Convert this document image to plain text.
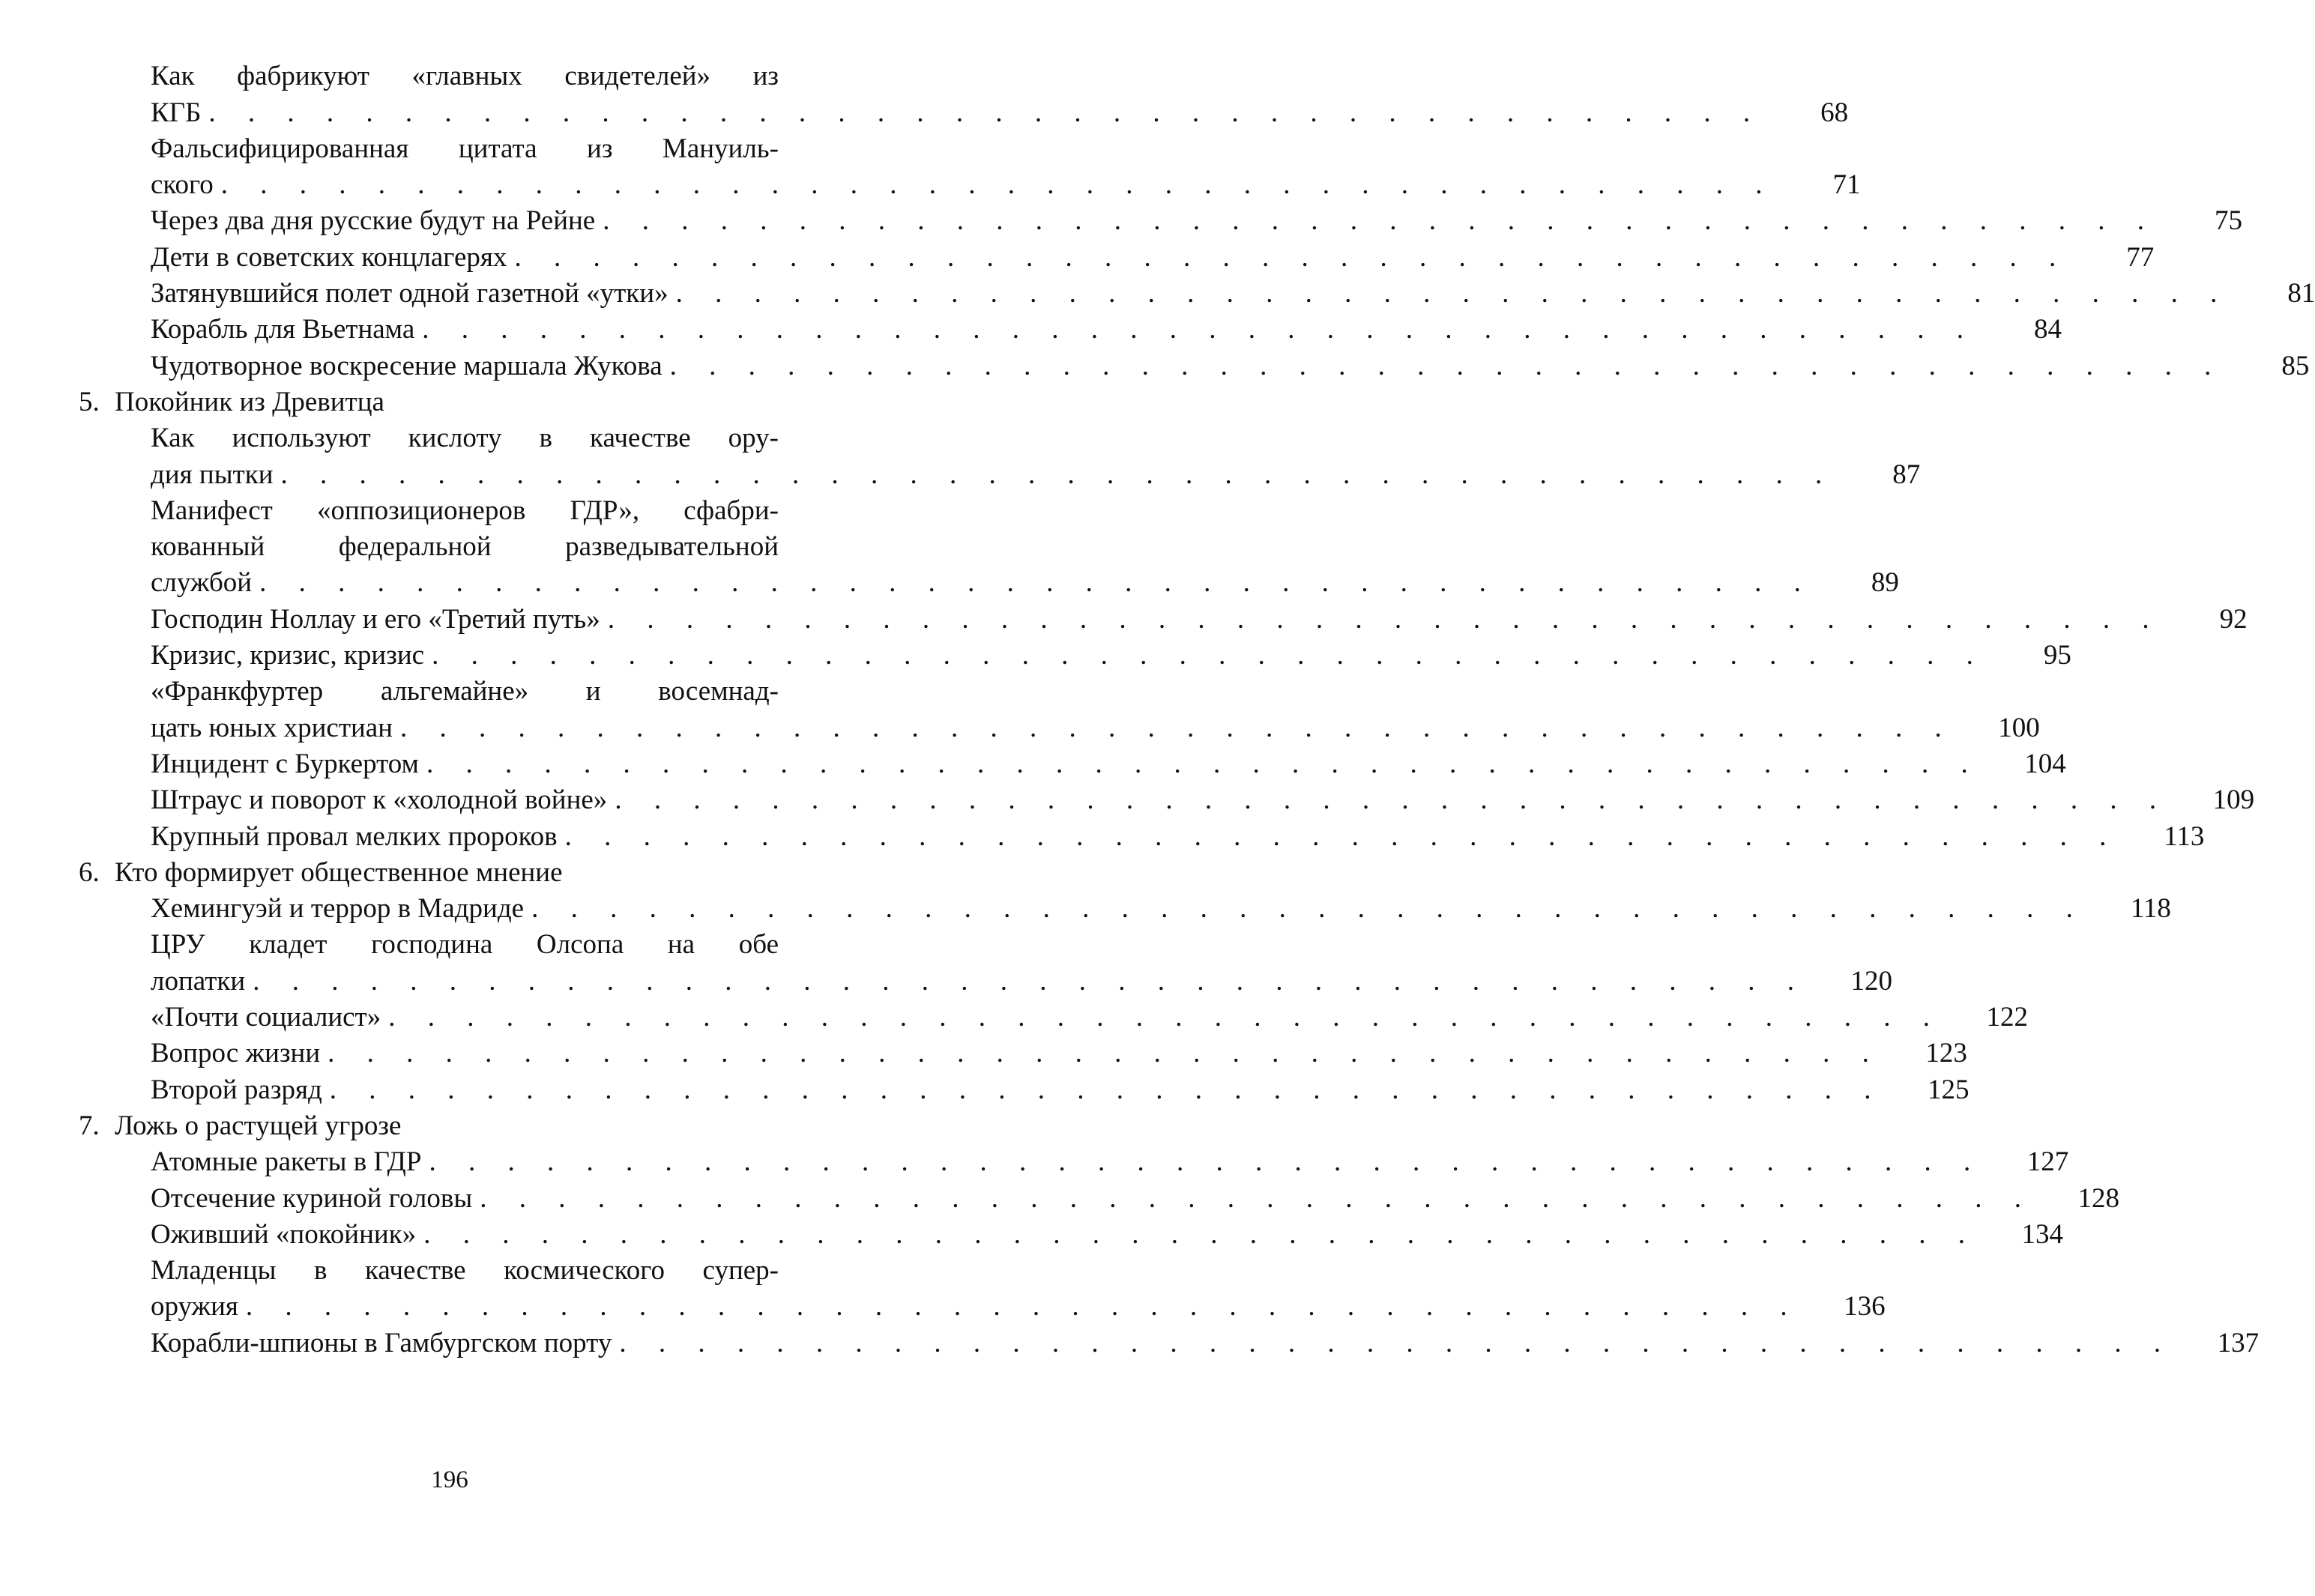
Как фабрикуют «главных свидетелей» из
КГБ . . . . . . . . . . . . . . . . . . . . . . . . . . . . . . . . . . . . . . . .	68
Фальсифицированная цитата из Мануиль-
ского . . . . . . . . . . . . . . . . . . . . . . . . . . . . . . . . . . . . . . . .	71
Через два дня русские будут на Рейне . . . . . . . . . . . . . . . . . . . . . . . . . . . . . . . . . . . . . . . .	75
Дети в советских концлагерях . . . . . . . . . . . . . . . . . . . . . . . . . . . . . . . . . . . . . . . .	77
Затянувшийся полет одной газетной «утки» . . . . . . . . . . . . . . . . . . . . . . . . . . . . . . . . . . . . . . . .	81
Корабль для Вьетнама . . . . . . . . . . . . . . . . . . . . . . . . . . . . . . . . . . . . . . . .	84
Чудотворное воскресение маршала Жукова . . . . . . . . . . . . . . . . . . . . . . . . . . . . . . . . . . . . . . . .	85
5. Покойник из Древитца
Как используют кислоту в качестве ору-
дия пытки . . . . . . . . . . . . . . . . . . . . . . . . . . . . . . . . . . . . . . . .	87
Манифест «оппозиционеров ГДР», сфабри-
кованный федеральной разведывательной
службой . . . . . . . . . . . . . . . . . . . . . . . . . . . . . . . . . . . . . . . .	89
Господин Ноллау и его «Третий путь» . . . . . . . . . . . . . . . . . . . . . . . . . . . . . . . . . . . . . . . .	92
Кризис, кризис, кризис . . . . . . . . . . . . . . . . . . . . . . . . . . . . . . . . . . . . . . . .	95
«Франкфуртер альгемайне» и восемнад-
цать юных христиан . . . . . . . . . . . . . . . . . . . . . . . . . . . . . . . . . . . . . . . .	100
Инцидент с Буркертом . . . . . . . . . . . . . . . . . . . . . . . . . . . . . . . . . . . . . . . .	104
Штраус и поворот к «холодной войне» . . . . . . . . . . . . . . . . . . . . . . . . . . . . . . . . . . . . . . . .	109
Крупный провал мелких пророков . . . . . . . . . . . . . . . . . . . . . . . . . . . . . . . . . . . . . . . .	113
6. Кто формирует общественное мнение
Хемингуэй и террор в Мадриде . . . . . . . . . . . . . . . . . . . . . . . . . . . . . . . . . . . . . . . .	118
ЦРУ кладет господина Олсопа на обе
лопатки . . . . . . . . . . . . . . . . . . . . . . . . . . . . . . . . . . . . . . . .	120
«Почти социалист» . . . . . . . . . . . . . . . . . . . . . . . . . . . . . . . . . . . . . . . .	122
Вопрос жизни . . . . . . . . . . . . . . . . . . . . . . . . . . . . . . . . . . . . . . . .	123
Второй разряд . . . . . . . . . . . . . . . . . . . . . . . . . . . . . . . . . . . . . . . .	125
7. Ложь о растущей угрозе
Атомные ракеты в ГДР . . . . . . . . . . . . . . . . . . . . . . . . . . . . . . . . . . . . . . . .	127
Отсечение куриной головы . . . . . . . . . . . . . . . . . . . . . . . . . . . . . . . . . . . . . . . .	128
Оживший «покойник» . . . . . . . . . . . . . . . . . . . . . . . . . . . . . . . . . . . . . . . .	134
Младенцы в качестве космического супер-
оружия . . . . . . . . . . . . . . . . . . . . . . . . . . . . . . . . . . . . . . . .	136
Корабли-шпионы в Гамбургском порту . . . . . . . . . . . . . . . . . . . . . . . . . . . . . . . . . . . . . . . .	137
196
